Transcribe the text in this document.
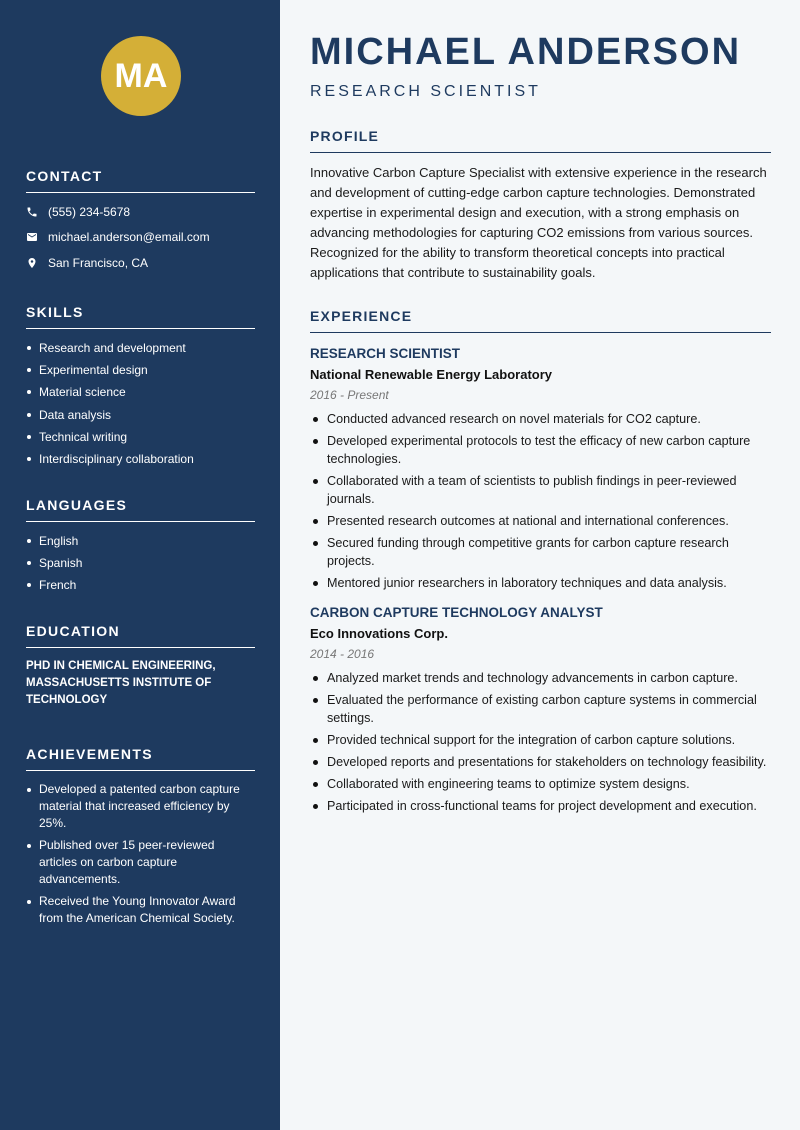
MA
CONTACT
(555) 234-5678
michael.anderson@email.com
San Francisco, CA
SKILLS
Research and development
Experimental design
Material science
Data analysis
Technical writing
Interdisciplinary collaboration
LANGUAGES
English
Spanish
French
EDUCATION
PHD IN CHEMICAL ENGINEERING, MASSACHUSETTS INSTITUTE OF TECHNOLOGY
ACHIEVEMENTS
Developed a patented carbon capture material that increased efficiency by 25%.
Published over 15 peer-reviewed articles on carbon capture advancements.
Received the Young Innovator Award from the American Chemical Society.
MICHAEL ANDERSON
RESEARCH SCIENTIST
PROFILE
Innovative Carbon Capture Specialist with extensive experience in the research and development of cutting-edge carbon capture technologies. Demonstrated expertise in experimental design and execution, with a strong emphasis on advancing methodologies for capturing CO2 emissions from various sources. Recognized for the ability to transform theoretical concepts into practical applications that contribute to sustainability goals.
EXPERIENCE
RESEARCH SCIENTIST
National Renewable Energy Laboratory
2016 - Present
Conducted advanced research on novel materials for CO2 capture.
Developed experimental protocols to test the efficacy of new carbon capture technologies.
Collaborated with a team of scientists to publish findings in peer-reviewed journals.
Presented research outcomes at national and international conferences.
Secured funding through competitive grants for carbon capture research projects.
Mentored junior researchers in laboratory techniques and data analysis.
CARBON CAPTURE TECHNOLOGY ANALYST
Eco Innovations Corp.
2014 - 2016
Analyzed market trends and technology advancements in carbon capture.
Evaluated the performance of existing carbon capture systems in commercial settings.
Provided technical support for the integration of carbon capture solutions.
Developed reports and presentations for stakeholders on technology feasibility.
Collaborated with engineering teams to optimize system designs.
Participated in cross-functional teams for project development and execution.
